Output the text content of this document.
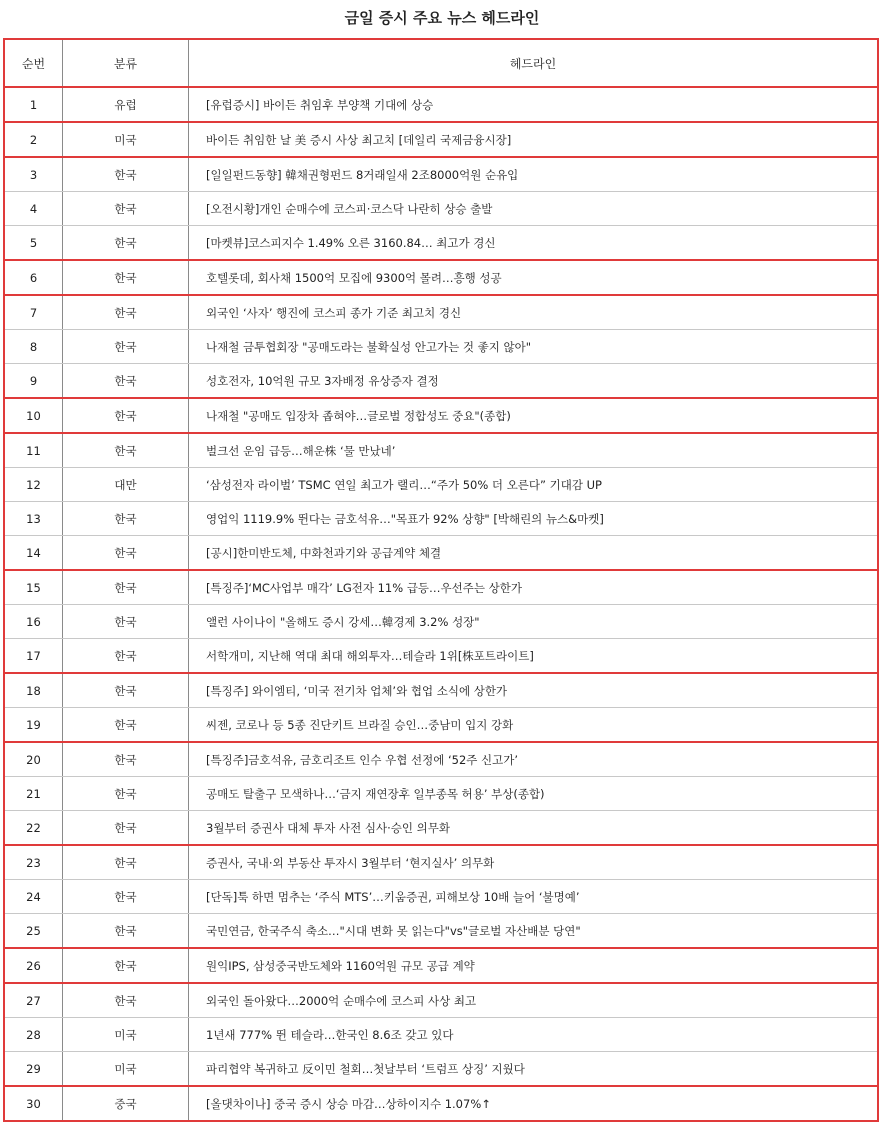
금일 증시 주요 뉴스 헤드라인
순번	분류	헤드라인
1	유럽	[유럽증시] 바이든 취임후 부양책 기대에 상승
2	미국	바이든 취임한 날 美 증시 사상 최고치 [데일리 국제금융시장]
3	한국	[일일펀드동향] 韓채권형펀드 8거래일새 2조8000억원 순유입
4	한국	[오전시황]개인 순매수에 코스피·코스닥 나란히 상승 출발
5	한국	[마켓뷰]코스피지수 1.49% 오른 3160.84… 최고가 경신
6	한국	호텔롯데, 회사채 1500억 모집에 9300억 몰려…흥행 성공
7	한국	외국인 ‘사자’ 행진에 코스피 종가 기준 최고치 경신
8	한국	나재철 금투협회장 "공매도라는 불확실성 안고가는 것 좋지 않아"
9	한국	성호전자, 10억원 규모 3자배정 유상증자 결정
10	한국	나재철 "공매도 입장차 좁혀야…글로벌 정합성도 중요"(종합)
11	한국	벌크선 운임 급등…해운株 ‘물 만났네’
12	대만	‘삼성전자 라이벌’ TSMC 연일 최고가 랠리…“주가 50% 더 오른다” 기대감 UP
13	한국	영업익 1119.9% 뛴다는 금호석유…"목표가 92% 상향" [박해린의 뉴스&마켓]
14	한국	[공시]한미반도체, 中화천과기와 공급계약 체결
15	한국	[특징주]‘MC사업부 매각’ LG전자 11% 급등…우선주는 상한가
16	한국	앨런 사이나이 "올해도 증시 강세…韓경제 3.2% 성장"
17	한국	서학개미, 지난해 역대 최대 해외투자…테슬라 1위[株포트라이트]
18	한국	[특징주] 와이엠티, ‘미국 전기차 업체’와 협업 소식에 상한가
19	한국	씨젠, 코로나 등 5종 진단키트 브라질 승인…중남미 입지 강화
20	한국	[특징주]금호석유, 금호리조트 인수 우협 선정에 ‘52주 신고가’
21	한국	공매도 탈출구 모색하나…‘금지 재연장후 일부종목 허용’ 부상(종합)
22	한국	3월부터 증권사 대체 투자 사전 심사·승인 의무화
23	한국	증권사, 국내·외 부동산 투자시 3월부터 ‘현지실사’ 의무화
24	한국	[단독]툭 하면 멈추는 ‘주식 MTS’…키움증권, 피해보상 10배 늘어 ‘불명예’
25	한국	국민연금, 한국주식 축소…"시대 변화 못 읽는다"vs"글로벌 자산배분 당연"
26	한국	원익IPS, 삼성중국반도체와 1160억원 규모 공급 계약
27	한국	외국인 돌아왔다…2000억 순매수에 코스피 사상 최고
28	미국	1년새 777% 뛴 테슬라…한국인 8.6조 갖고 있다
29	미국	파리협약 복귀하고 反이민 철회…첫날부터 ‘트럼프 상징’ 지웠다
30	중국	[올댓차이나] 중국 증시 상승 마감…상하이지수 1.07%↑
